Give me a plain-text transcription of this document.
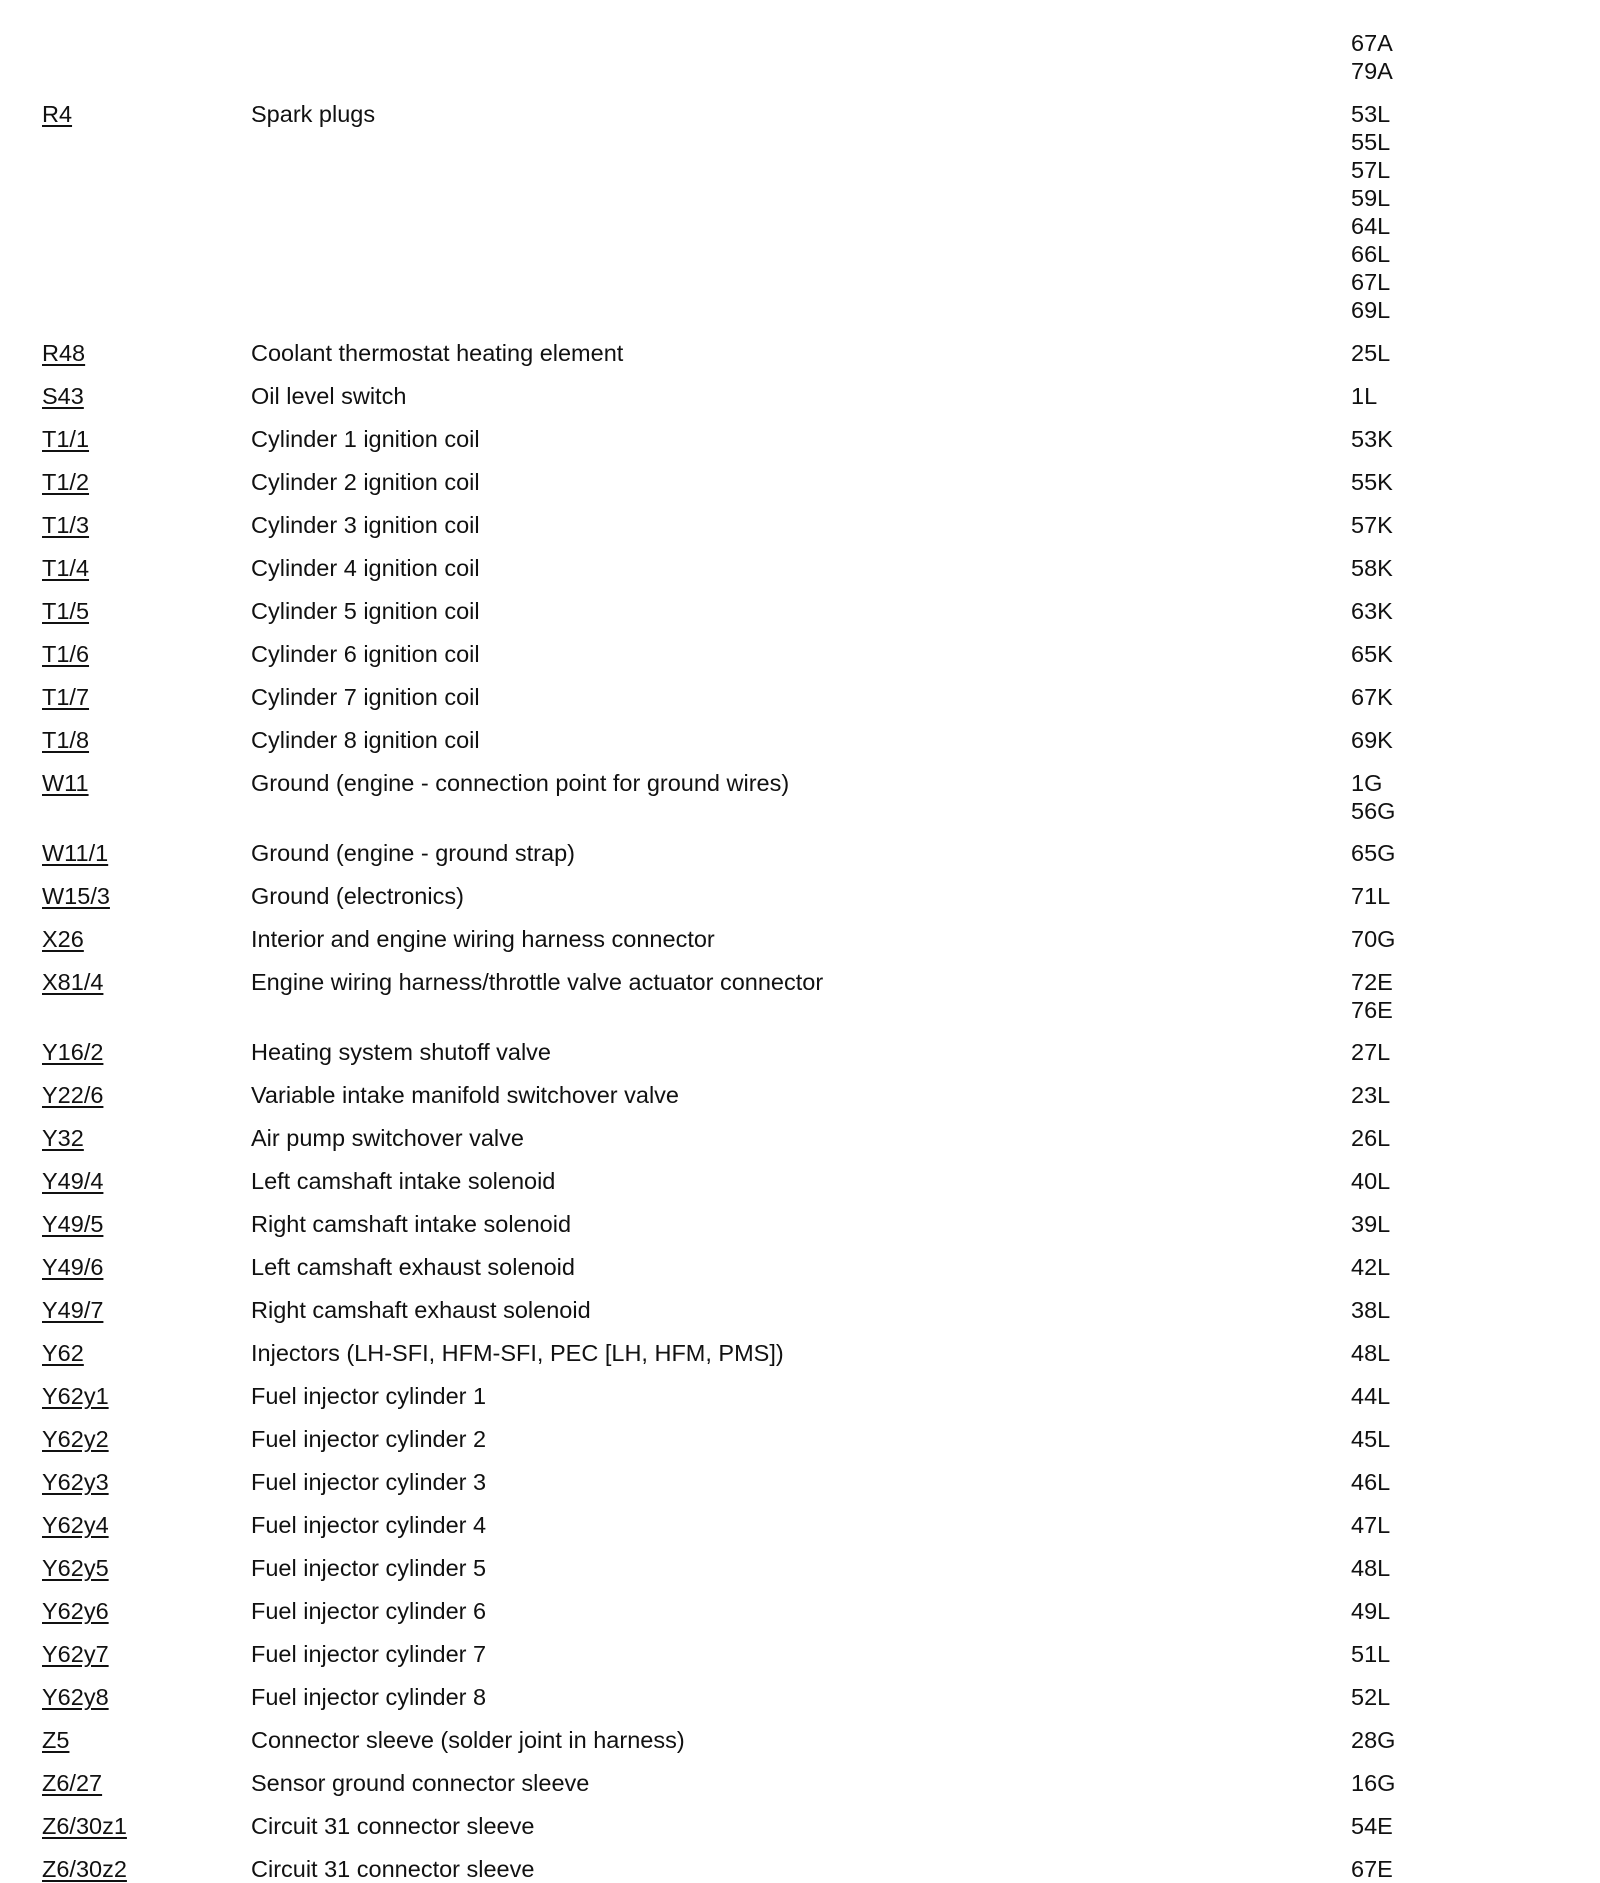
67A
79A
R4	Spark plugs	53L
55L
57L
59L
64L
66L
67L
69L
R48	Coolant thermostat heating element	25L
S43	Oil level switch	1L
T1/1	Cylinder 1 ignition coil	53K
T1/2	Cylinder 2 ignition coil	55K
T1/3	Cylinder 3 ignition coil	57K
T1/4	Cylinder 4 ignition coil	58K
T1/5	Cylinder 5 ignition coil	63K
T1/6	Cylinder 6 ignition coil	65K
T1/7	Cylinder 7 ignition coil	67K
T1/8	Cylinder 8 ignition coil	69K
W11	Ground (engine - connection point for ground wires)	1G
56G
W11/1	Ground (engine - ground strap)	65G
W15/3	Ground (electronics)	71L
X26	Interior and engine wiring harness connector	70G
X81/4	Engine wiring harness/throttle valve actuator connector	72E
76E
Y16/2	Heating system shutoff valve	27L
Y22/6	Variable intake manifold switchover valve	23L
Y32	Air pump switchover valve	26L
Y49/4	Left camshaft intake solenoid	40L
Y49/5	Right camshaft intake solenoid	39L
Y49/6	Left camshaft exhaust solenoid	42L
Y49/7	Right camshaft exhaust solenoid	38L
Y62	Injectors (LH-SFI, HFM-SFI, PEC [LH, HFM, PMS])	48L
Y62y1	Fuel injector cylinder 1	44L
Y62y2	Fuel injector cylinder 2	45L
Y62y3	Fuel injector cylinder 3	46L
Y62y4	Fuel injector cylinder 4	47L
Y62y5	Fuel injector cylinder 5	48L
Y62y6	Fuel injector cylinder 6	49L
Y62y7	Fuel injector cylinder 7	51L
Y62y8	Fuel injector cylinder 8	52L
Z5	Connector sleeve (solder joint in harness)	28G
Z6/27	Sensor ground connector sleeve	16G
Z6/30z1	Circuit 31 connector sleeve	54E
Z6/30z2	Circuit 31 connector sleeve	67E
